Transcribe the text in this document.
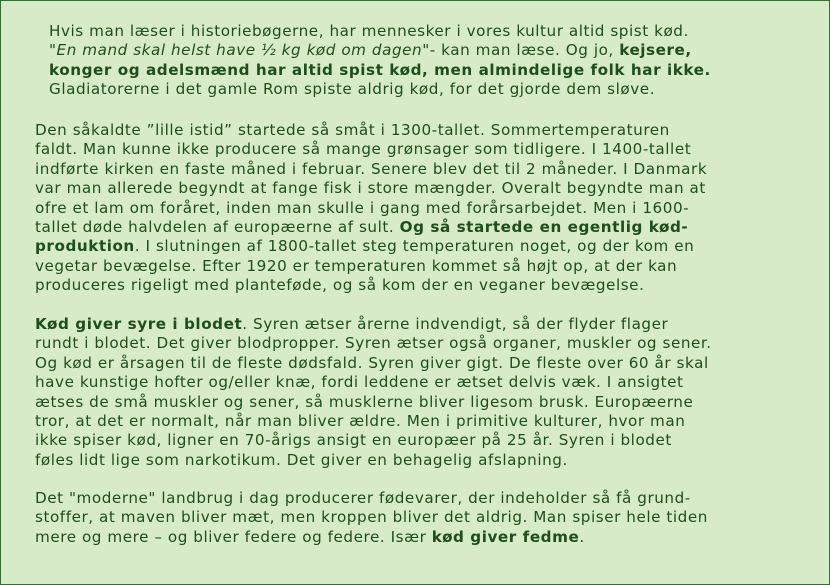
Hvis man læser i historiebøgerne, har mennesker i vores kultur altid spist kød.
"En mand skal helst have ½ kg kød om dagen"- kan man læse. Og jo, kejsere,
konger og adelsmænd har altid spist kød, men almindelige folk har ikke.
Gladiatorerne i det gamle Rom spiste aldrig kød, for det gjorde dem sløve.
Den såkaldte ”lille istid” startede så småt i 1300-tallet. Sommertemperaturen
faldt. Man kunne ikke producere så mange grønsager som tidligere. I 1400-tallet
indførte kirken en faste måned i februar. Senere blev det til 2 måneder. I Danmark
var man allerede begyndt at fange fisk i store mængder. Overalt begyndte man at
ofre et lam om foråret, inden man skulle i gang med forårsarbejdet. Men i 1600-
tallet døde halvdelen af europæerne af sult. Og så startede en egentlig kød-
produktion. I slutningen af 1800-tallet steg temperaturen noget, og der kom en
vegetar bevægelse. Efter 1920 er temperaturen kommet så højt op, at der kan
produceres rigeligt med planteføde, og så kom der en veganer bevægelse.
Kød giver syre i blodet. Syren ætser årerne indvendigt, så der flyder flager
rundt i blodet. Det giver blodpropper. Syren ætser også organer, muskler og sener.
Og kød er årsagen til de fleste dødsfald. Syren giver gigt. De fleste over 60 år skal
have kunstige hofter og/eller knæ, fordi leddene er ætset delvis væk. I ansigtet
ætses de små muskler og sener, så musklerne bliver ligesom brusk. Europæerne
tror, at det er normalt, når man bliver ældre. Men i primitive kulturer, hvor man
ikke spiser kød, ligner en 70-årigs ansigt en europæer på 25 år. Syren i blodet
føles lidt lige som narkotikum. Det giver en behagelig afslapning.
Det "moderne" landbrug i dag producerer fødevarer, der indeholder så få grund-
stoffer, at maven bliver mæt, men kroppen bliver det aldrig. Man spiser hele tiden
mere og mere – og bliver federe og federe. Især kød giver fedme.
